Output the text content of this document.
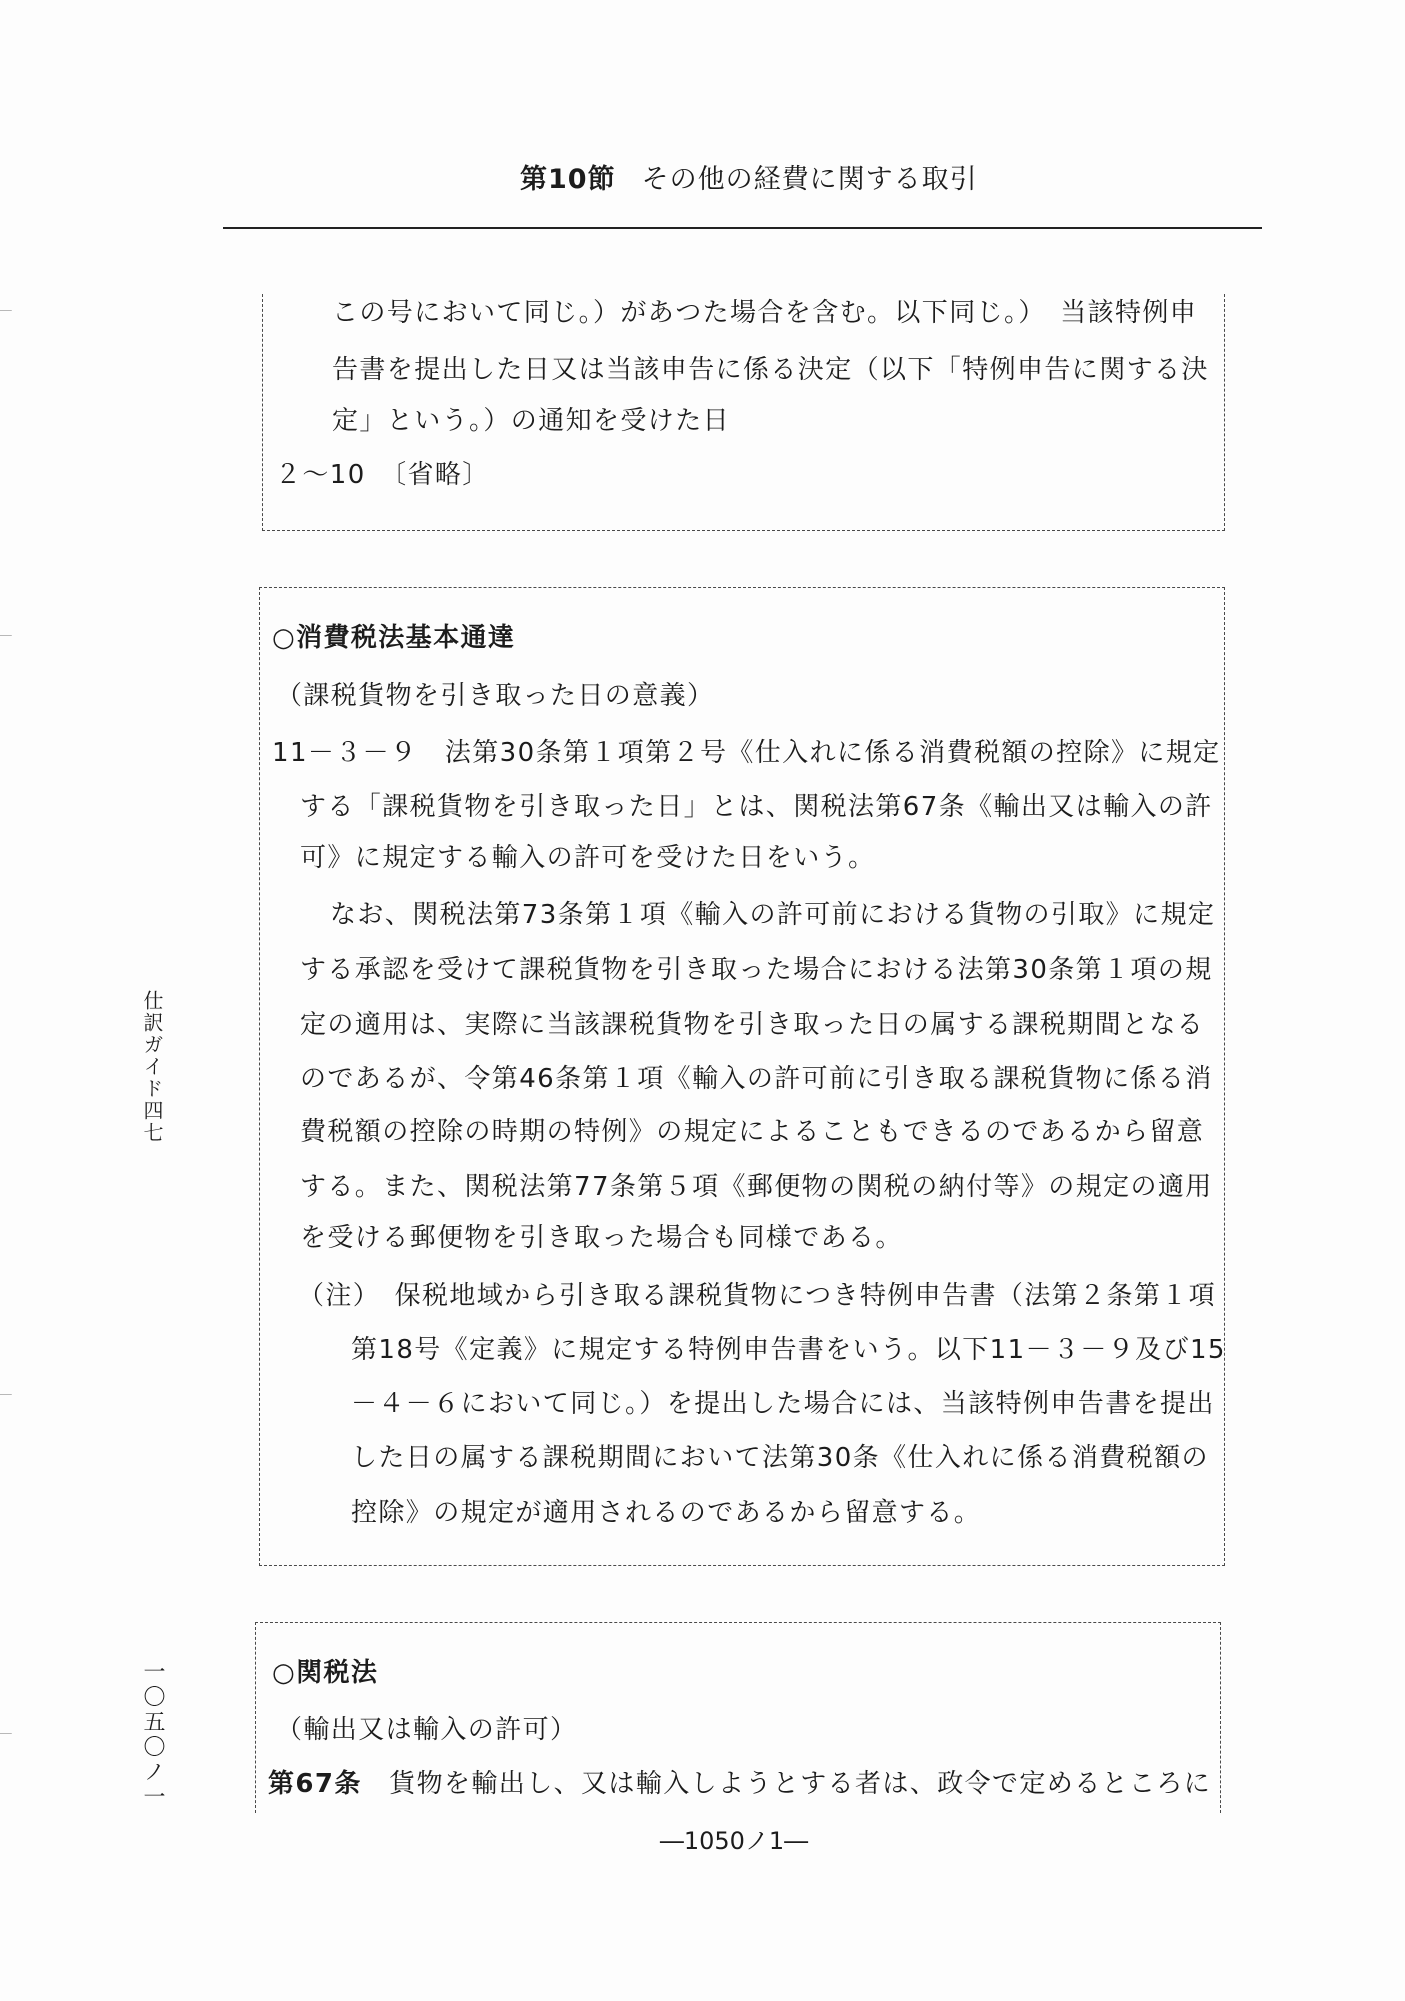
第10節 その他の経費に関する取引
この号において同じ。）があつた場合を含む。以下同じ。）　当該特例申
告書を提出した日又は当該申告に係る決定（以下「特例申告に関する決
定」という。）の通知を受けた日
２～10　〔省略〕
○消費税法基本通達
（課税貨物を引き取った日の意義）
11－３－９　法第30条第１項第２号《仕入れに係る消費税額の控除》に規定
する「課税貨物を引き取った日」とは、関税法第67条《輸出又は輸入の許
可》に規定する輸入の許可を受けた日をいう。
なお、関税法第73条第１項《輸入の許可前における貨物の引取》に規定
する承認を受けて課税貨物を引き取った場合における法第30条第１項の規
定の適用は、実際に当該課税貨物を引き取った日の属する課税期間となる
のであるが、令第46条第１項《輸入の許可前に引き取る課税貨物に係る消
費税額の控除の時期の特例》の規定によることもできるのであるから留意
する。また、関税法第77条第５項《郵便物の関税の納付等》の規定の適用
を受ける郵便物を引き取った場合も同様である。
（注）　保税地域から引き取る課税貨物につき特例申告書（法第２条第１項
第18号《定義》に規定する特例申告書をいう。以下11－３－９及び15
－４－６において同じ。）を提出した場合には、当該特例申告書を提出
した日の属する課税期間において法第30条《仕入れに係る消費税額の
控除》の規定が適用されるのであるから留意する。
○関税法
（輸出又は輸入の許可）
第67条　 貨物を輸出し、又は輸入しようとする者は、政令で定めるところに
―1050ノ1―
仕訳ガイド四七
一〇五〇ノ一
